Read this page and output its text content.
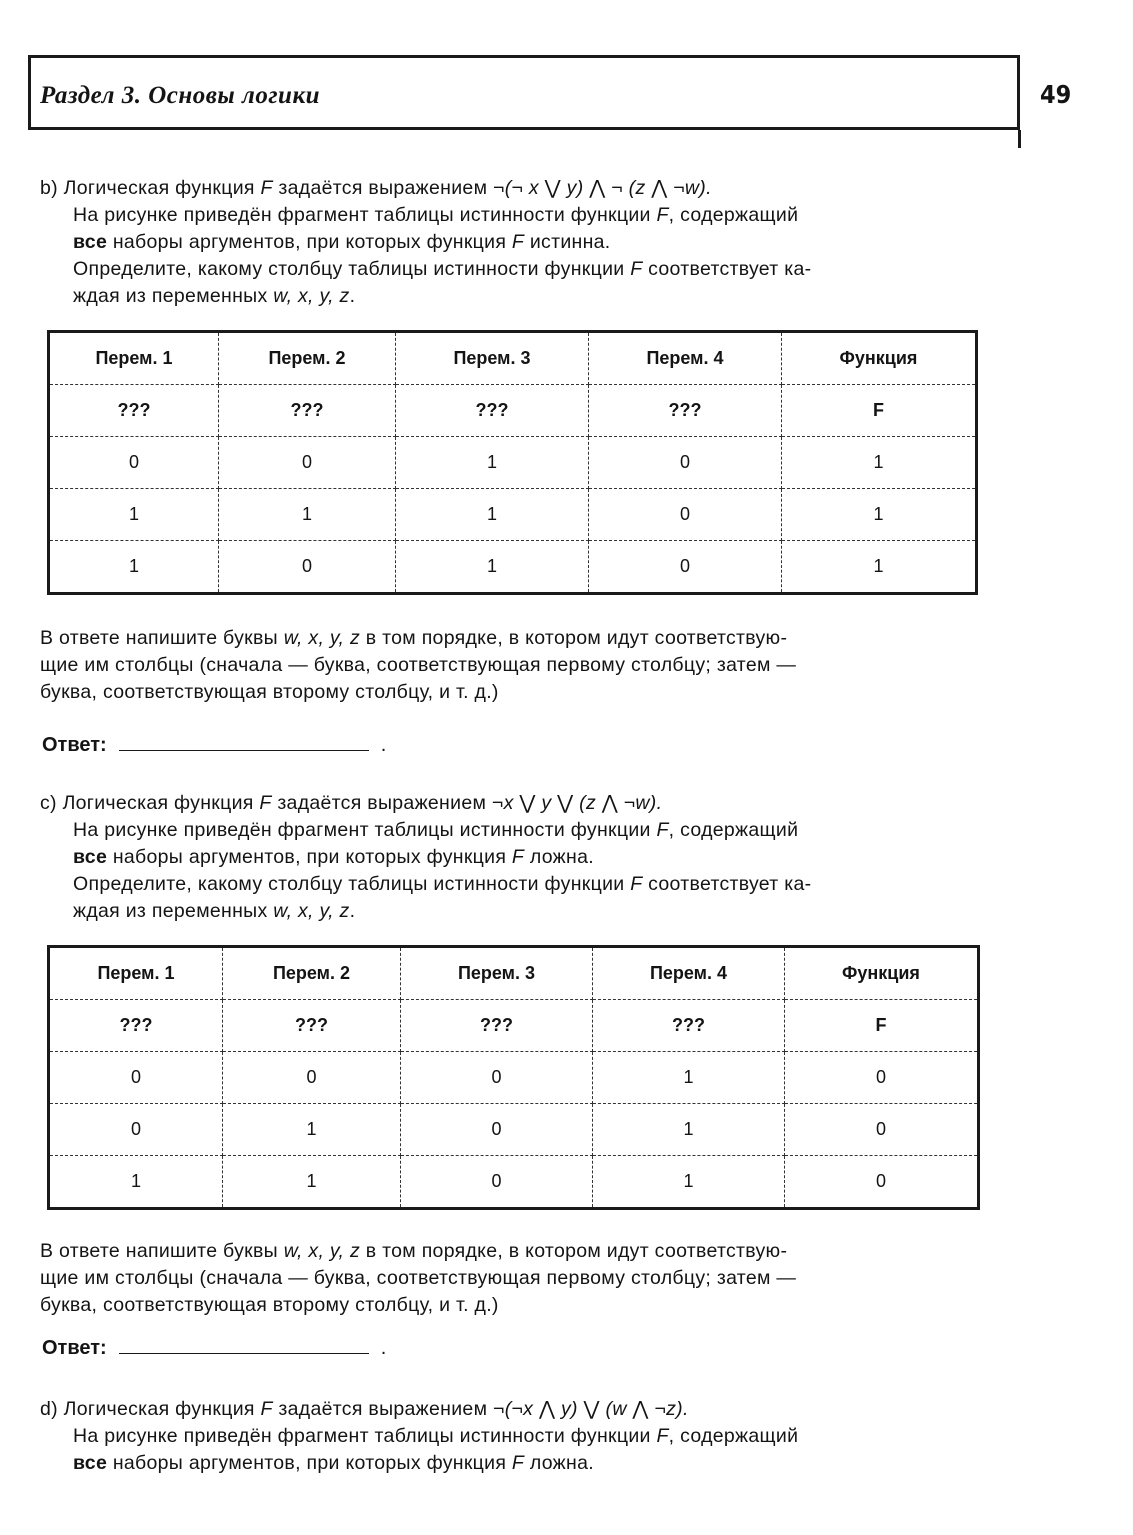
Раздел 3. Основы логики	49

b) Логическая функция F задаётся выражением ¬(¬ x ⋁ y) ⋀ ¬ (z ⋀ ¬w).

На рисунке приведён фрагмент таблицы истинности функции F, содержащий

все наборы аргументов, при которых функция F истинна.

Определите, какому столбцу таблицы истинности функции F соответствует ка-

ждая из переменных w, x, y, z.

Перем. 1	Перем. 2	Перем. 3	Перем. 4	Функция
???	???	???	???	F
0	0	1	0	1
1	1	1	0	1
1	0	1	0	1

В ответе напишите буквы w, x, y, z в том порядке, в котором идут соответствую-

щие им столбцы (сначала — буква, соответствующая первому столбцу; затем —

буква, соответствующая второму столбцу, и т. д.)

Ответ:	.

c) Логическая функция F задаётся выражением ¬x ⋁ y ⋁ (z ⋀ ¬w).

На рисунке приведён фрагмент таблицы истинности функции F, содержащий

все наборы аргументов, при которых функция F ложна.

Определите, какому столбцу таблицы истинности функции F соответствует ка-

ждая из переменных w, x, y, z.

Перем. 1	Перем. 2	Перем. 3	Перем. 4	Функция
???	???	???	???	F
0	0	0	1	0
0	1	0	1	0
1	1	0	1	0

В ответе напишите буквы w, x, y, z в том порядке, в котором идут соответствую-

щие им столбцы (сначала — буква, соответствующая первому столбцу; затем —

буква, соответствующая второму столбцу, и т. д.)

Ответ:	.

d) Логическая функция F задаётся выражением ¬(¬x ⋀ y) ⋁ (w ⋀ ¬z).

На рисунке приведён фрагмент таблицы истинности функции F, содержащий

все наборы аргументов, при которых функция F ложна.
